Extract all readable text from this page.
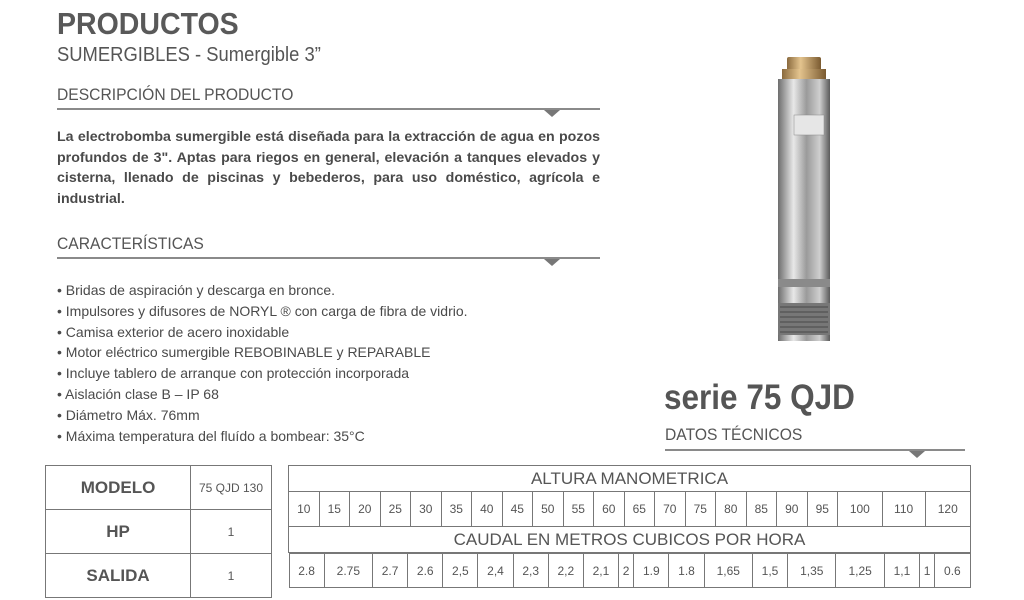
PRODUCTOS
SUMERGIBLES - Sumergible 3”
DESCRIPCIÓN DEL PRODUCTO
La electrobomba sumergible está diseñada para la extracción de agua en pozos profundos de 3". Aptas para riegos en general, elevación a tanques elevados y cisterna, llenado de piscinas y bebederos, para uso doméstico, agrícola e industrial.
CARACTERÍSTICAS
• Bridas de aspiración y descarga en bronce.
• Impulsores y difusores de NORYL ® con carga de fibra de vidrio.
• Camisa exterior de acero inoxidable
• Motor eléctrico sumergible REBOBINABLE y REPARABLE
• Incluye tablero de arranque con protección incorporada
• Aislación clase B – IP 68
• Diámetro Máx. 76mm
• Máxima temperatura del fluído a bombear: 35°C
serie 75 QJD
DATOS TÉCNICOS
MODELO	75 QJD 130
HP	1
SALIDA	1
ALTURA MANOMETRICA
10	15	20	25	30	35	40	45	50	55	60	65	70	75	80	85	90	95	100	110	120
CAUDAL EN METROS CUBICOS POR HORA

2.8	2.75	2.7	2.6	2,5	2,4	2,3	2,2	2,1	2	1.9	1.8	1,65	1,5	1,35	1,25	1,1	1	0.6
